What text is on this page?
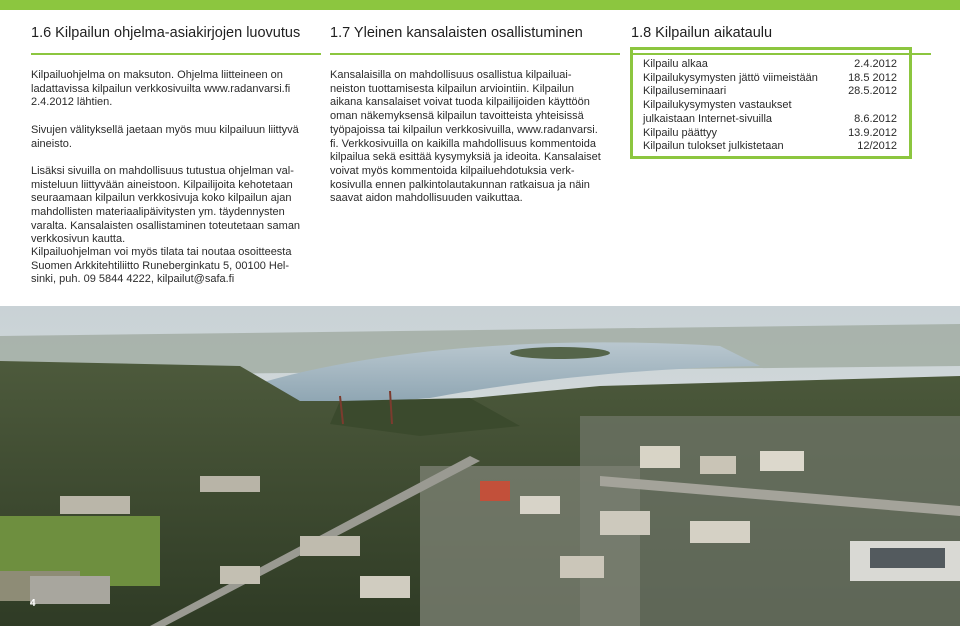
1.6 Kilpailun ohjelma-asiakirjojen luovutus
Kilpailuohjelma on maksuton. Ohjelma liitteineen on
ladattavissa kilpailun verkkosivuilta www.radanvarsi.fi
2.4.2012 lähtien.
Sivujen välityksellä jaetaan myös muu kilpailuun liittyvä
aineisto.
Lisäksi sivuilla on mahdollisuus tutustua ohjelman val-
misteluun liittyvään aineistoon. Kilpailijoita kehotetaan
seuraamaan kilpailun verkkosivuja koko kilpailun ajan
mahdollisten materiaalipäivitysten ym. täydennysten
varalta. Kansalaisten osallistaminen toteutetaan saman
verkkosivun kautta.
Kilpailuohjelman voi myös tilata tai noutaa osoitteesta
Suomen Arkkitehtiliitto Runeberginkatu 5, 00100 Hel-
sinki, puh. 09 5844 4222, kilpailut@safa.fi
1.7 Yleinen kansalaisten osallistuminen
Kansalaisilla on mahdollisuus osallistua kilpailuai-
neiston tuottamisesta kilpailun arviointiin. Kilpailun
aikana kansalaiset voivat tuoda kilpailijoiden käyttöön
oman näkemyksensä kilpailun tavoitteista yhteisissä
työpajoissa tai kilpailun verkkosivuilla, www.radanvarsi.
fi. Verkkosivuilla on kaikilla mahdollisuus kommentoida
kilpailua sekä esittää kysymyksiä ja ideoita. Kansalaiset
voivat myös kommentoida kilpailuehdotuksia verk-
kosivulla ennen palkintolautakunnan ratkaisua ja näin
saavat aidon mahdollisuuden vaikuttaa.
1.8 Kilpailun aikataulu
Kilpailu alkaa	2.4.2012
Kilpailukysymysten jättö viimeistään	18.5 2012
Kilpailuseminaari	28.5.2012
Kilpailukysymysten vastaukset
julkaistaan Internet-sivuilla	8.6.2012
Kilpailu päättyy	13.9.2012
Kilpailun tulokset julkistetaan	12/2012
4
